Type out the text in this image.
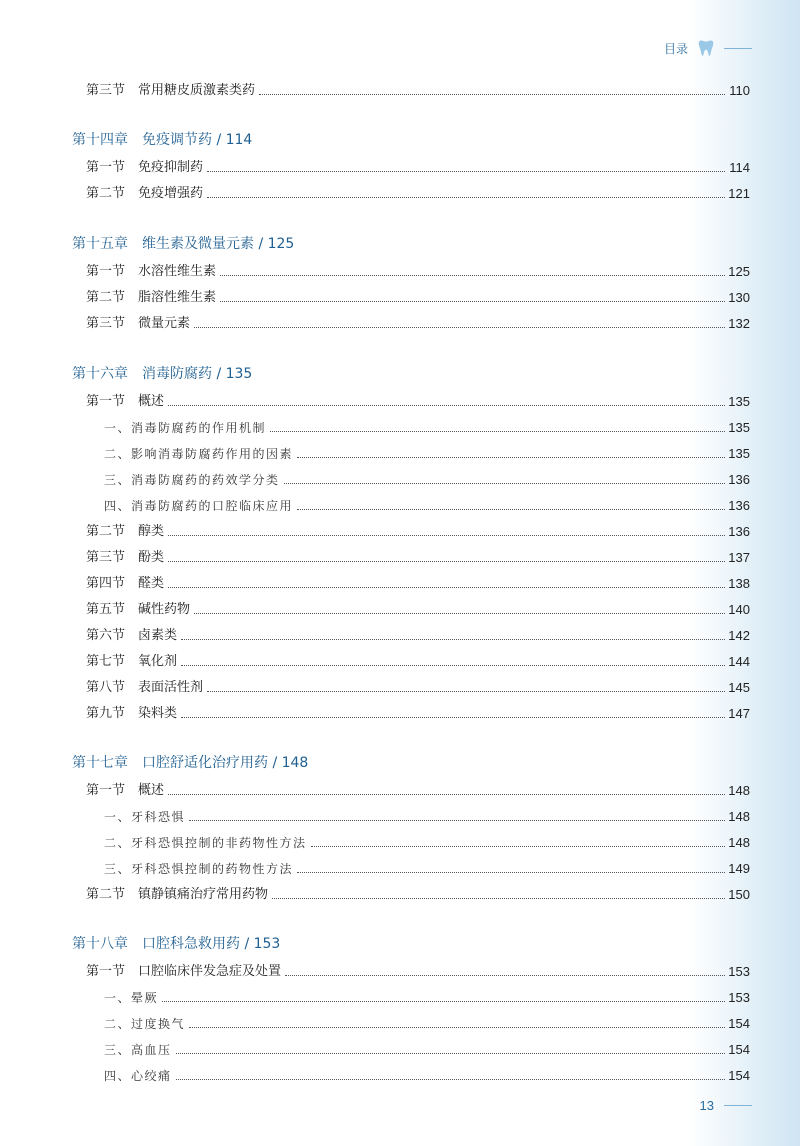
目录
第三节　常用糖皮质激素类药	110
第十四章　免疫调节药 / 114
第一节　免疫抑制药	114
第二节　免疫增强药	121
第十五章　维生素及微量元素 / 125
第一节　水溶性维生素	125
第二节　脂溶性维生素	130
第三节　微量元素	132
第十六章　消毒防腐药 / 135
第一节　概述	135
一、消毒防腐药的作用机制	135
二、影响消毒防腐药作用的因素	135
三、消毒防腐药的药效学分类	136
四、消毒防腐药的口腔临床应用	136
第二节　醇类	136
第三节　酚类	137
第四节　醛类	138
第五节　碱性药物	140
第六节　卤素类	142
第七节　氧化剂	144
第八节　表面活性剂	145
第九节　染料类	147
第十七章　口腔舒适化治疗用药 / 148
第一节　概述	148
一、牙科恐惧	148
二、牙科恐惧控制的非药物性方法	148
三、牙科恐惧控制的药物性方法	149
第二节　镇静镇痛治疗常用药物	150
第十八章　口腔科急救用药 / 153
第一节　口腔临床伴发急症及处置	153
一、晕厥	153
二、过度换气	154
三、高血压	154
四、心绞痛	154
13
